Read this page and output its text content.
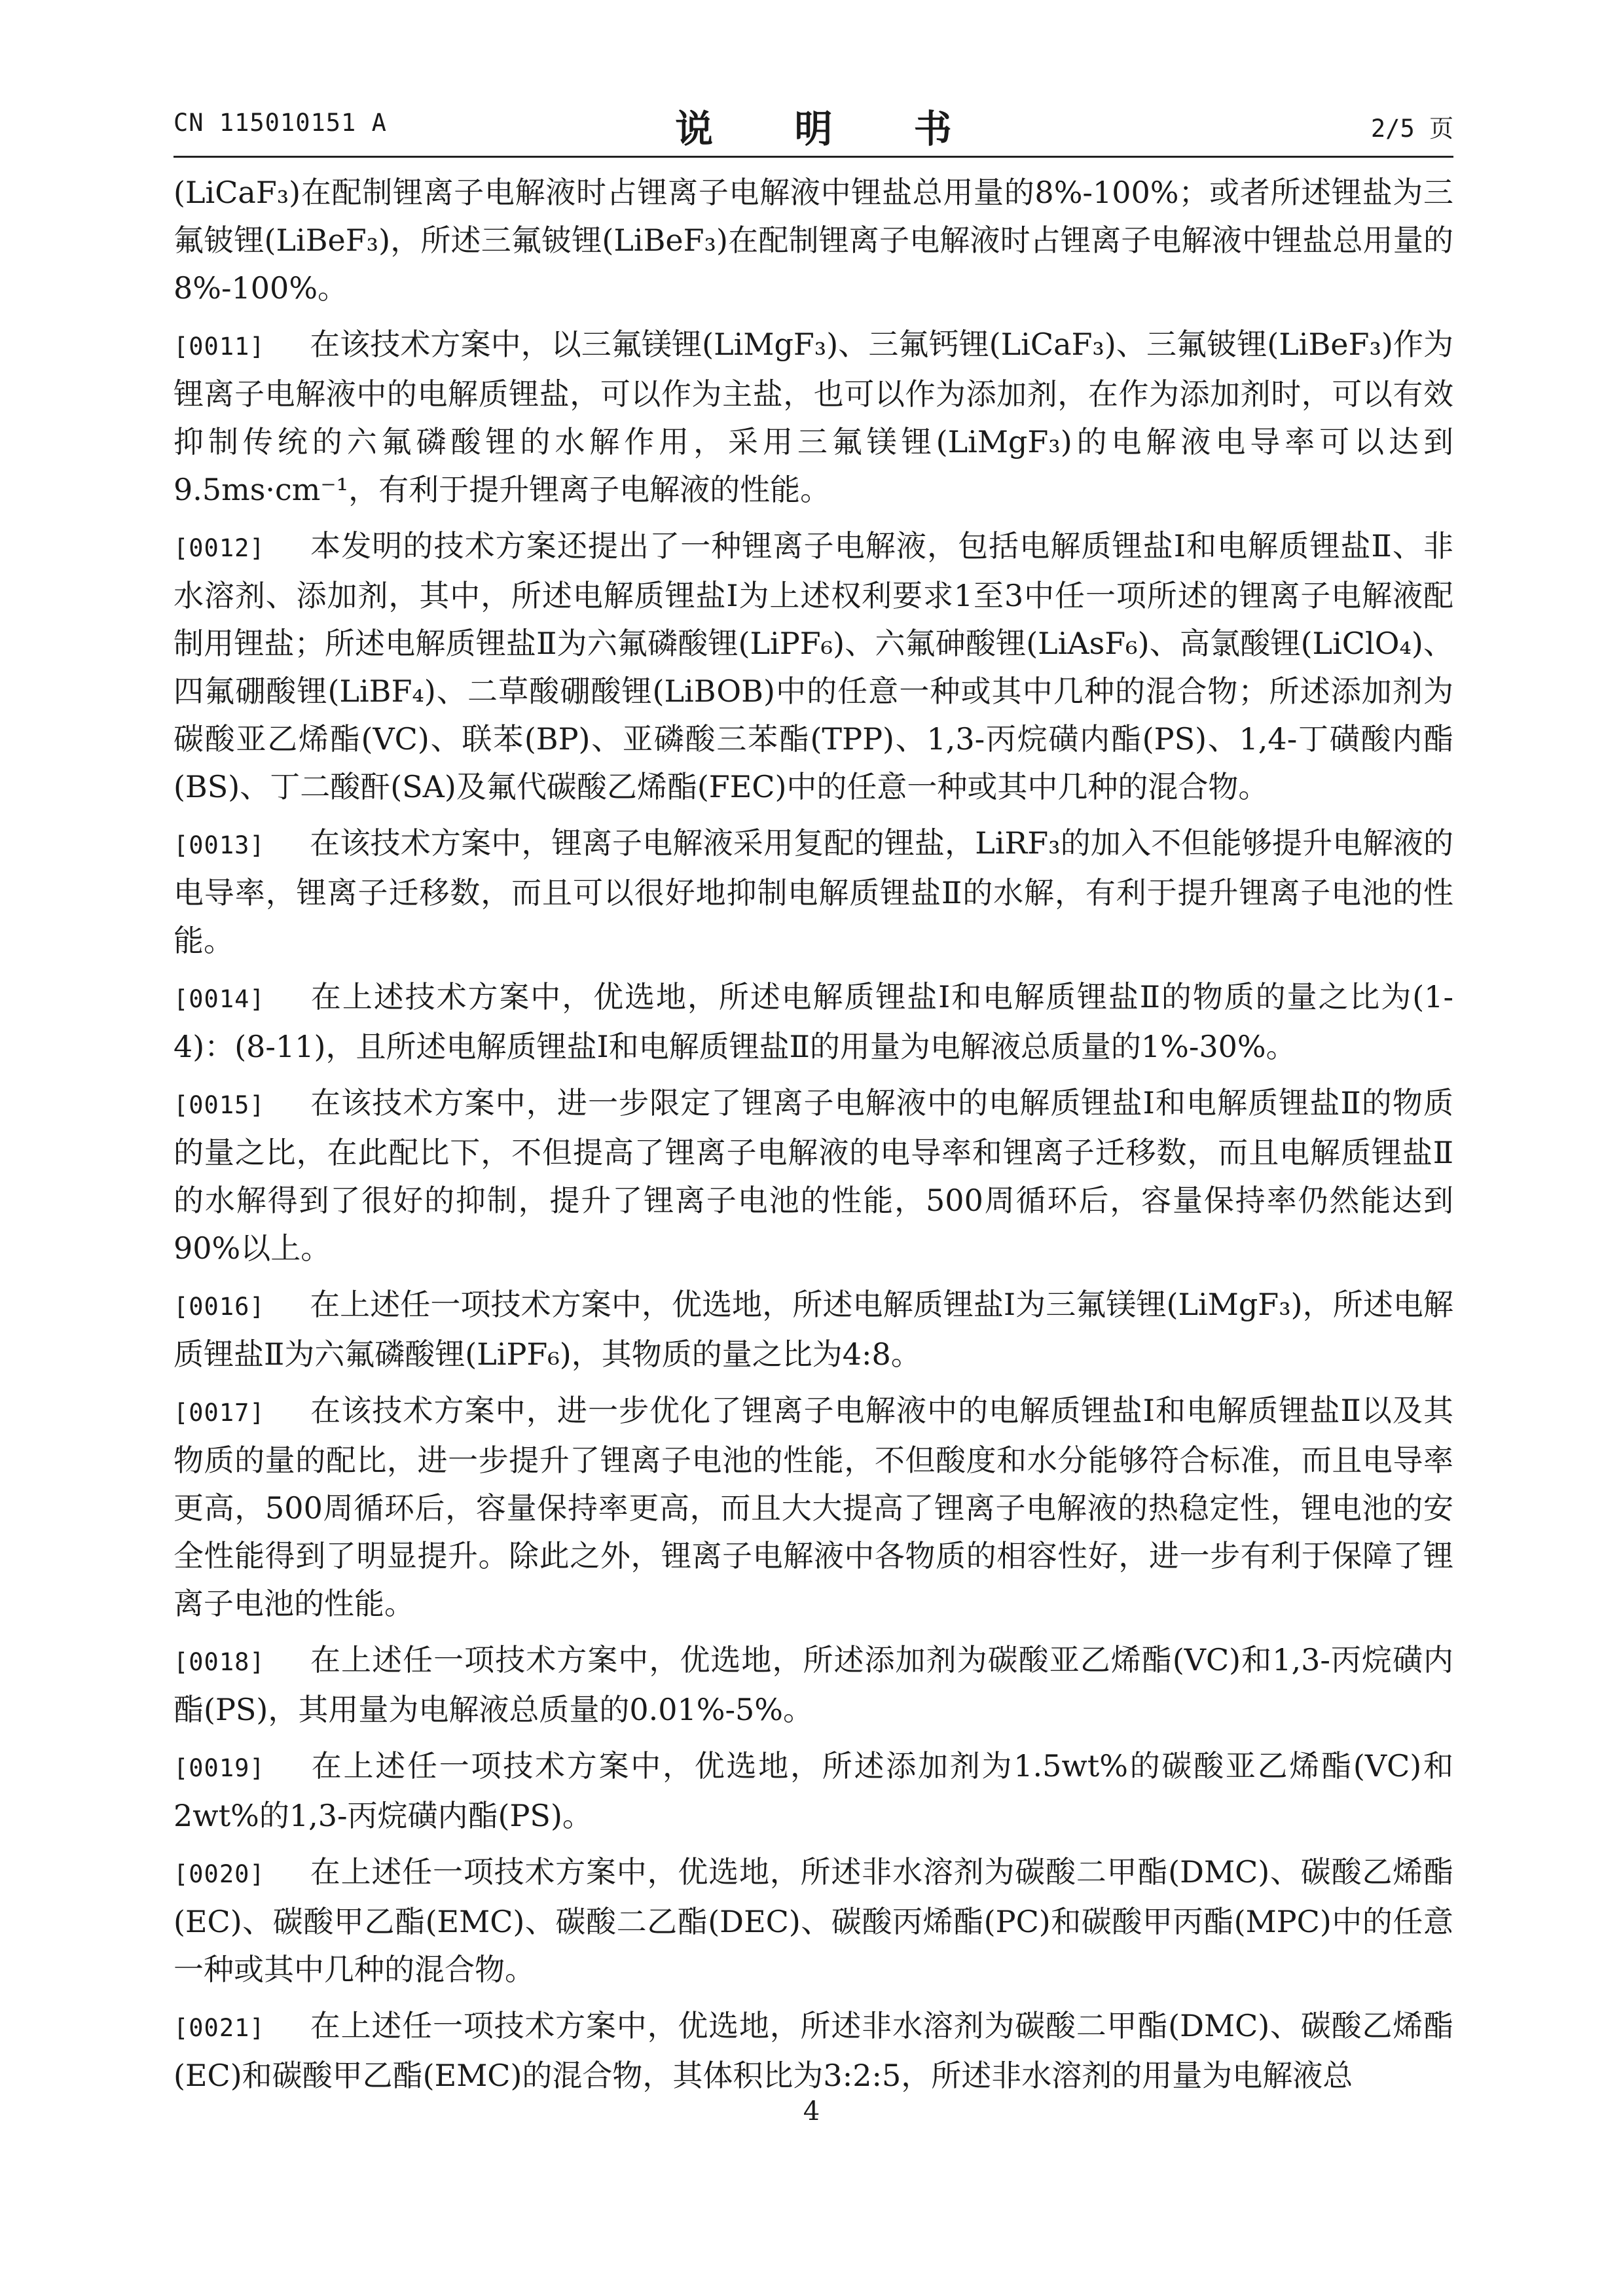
CN 115010151 A	说 明 书	2/5 页

(LiCaF₃)在配制锂离子电解液时占锂离子电解液中锂盐总用量的8%-100%；或者所述锂盐为三氟铍锂(LiBeF₃)，所述三氟铍锂(LiBeF₃)在配制锂离子电解液时占锂离子电解液中锂盐总用量的8%-100%。

[0011] 在该技术方案中，以三氟镁锂(LiMgF₃)、三氟钙锂(LiCaF₃)、三氟铍锂(LiBeF₃)作为锂离子电解液中的电解质锂盐，可以作为主盐，也可以作为添加剂，在作为添加剂时，可以有效抑制传统的六氟磷酸锂的水解作用，采用三氟镁锂(LiMgF₃)的电解液电导率可以达到9.5ms·cm⁻¹，有利于提升锂离子电解液的性能。

[0012] 本发明的技术方案还提出了一种锂离子电解液，包括电解质锂盐I和电解质锂盐Ⅱ、非水溶剂、添加剂，其中，所述电解质锂盐I为上述权利要求1至3中任一项所述的锂离子电解液配制用锂盐；所述电解质锂盐Ⅱ为六氟磷酸锂(LiPF₆)、六氟砷酸锂(LiAsF₆)、高氯酸锂(LiClO₄)、四氟硼酸锂(LiBF₄)、二草酸硼酸锂(LiBOB)中的任意一种或其中几种的混合物；所述添加剂为碳酸亚乙烯酯(VC)、联苯(BP)、亚磷酸三苯酯(TPP)、1,3-丙烷磺内酯(PS)、1,4-丁磺酸内酯(BS)、丁二酸酐(SA)及氟代碳酸乙烯酯(FEC)中的任意一种或其中几种的混合物。

[0013] 在该技术方案中，锂离子电解液采用复配的锂盐，LiRF₃的加入不但能够提升电解液的电导率，锂离子迁移数，而且可以很好地抑制电解质锂盐Ⅱ的水解，有利于提升锂离子电池的性能。

[0014] 在上述技术方案中，优选地，所述电解质锂盐I和电解质锂盐Ⅱ的物质的量之比为(1-4)：(8-11)，且所述电解质锂盐I和电解质锂盐Ⅱ的用量为电解液总质量的1%-30%。

[0015] 在该技术方案中，进一步限定了锂离子电解液中的电解质锂盐I和电解质锂盐Ⅱ的物质的量之比，在此配比下，不但提高了锂离子电解液的电导率和锂离子迁移数，而且电解质锂盐Ⅱ的水解得到了很好的抑制，提升了锂离子电池的性能，500周循环后，容量保持率仍然能达到90%以上。

[0016] 在上述任一项技术方案中，优选地，所述电解质锂盐I为三氟镁锂(LiMgF₃)，所述电解质锂盐Ⅱ为六氟磷酸锂(LiPF₆)，其物质的量之比为4:8。

[0017] 在该技术方案中，进一步优化了锂离子电解液中的电解质锂盐I和电解质锂盐Ⅱ以及其物质的量的配比，进一步提升了锂离子电池的性能，不但酸度和水分能够符合标准，而且电导率更高，500周循环后，容量保持率更高，而且大大提高了锂离子电解液的热稳定性，锂电池的安全性能得到了明显提升。除此之外，锂离子电解液中各物质的相容性好，进一步有利于保障了锂离子电池的性能。

[0018] 在上述任一项技术方案中，优选地，所述添加剂为碳酸亚乙烯酯(VC)和1,3-丙烷磺内酯(PS)，其用量为电解液总质量的0.01%-5%。

[0019] 在上述任一项技术方案中，优选地，所述添加剂为1.5wt%的碳酸亚乙烯酯(VC)和2wt%的1,3-丙烷磺内酯(PS)。

[0020] 在上述任一项技术方案中，优选地，所述非水溶剂为碳酸二甲酯(DMC)、碳酸乙烯酯(EC)、碳酸甲乙酯(EMC)、碳酸二乙酯(DEC)、碳酸丙烯酯(PC)和碳酸甲丙酯(MPC)中的任意一种或其中几种的混合物。

[0021] 在上述任一项技术方案中，优选地，所述非水溶剂为碳酸二甲酯(DMC)、碳酸乙烯酯(EC)和碳酸甲乙酯(EMC)的混合物，其体积比为3:2:5，所述非水溶剂的用量为电解液总

4
